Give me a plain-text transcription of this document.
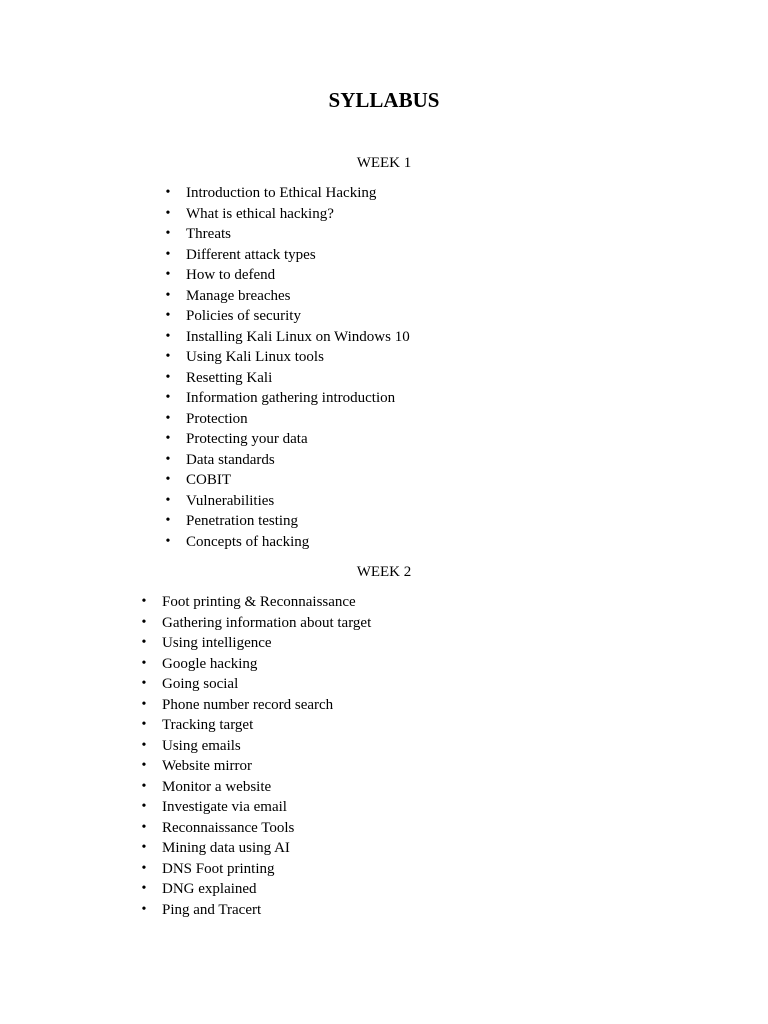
SYLLABUS
WEEK 1
• Introduction to Ethical Hacking
• What is ethical hacking?
• Threats
• Different attack types
• How to defend
• Manage breaches
• Policies of security
• Installing Kali Linux on Windows 10
• Using Kali Linux tools
• Resetting Kali
• Information gathering introduction
• Protection
• Protecting your data
• Data standards
• COBIT
• Vulnerabilities
• Penetration testing
• Concepts of hacking
WEEK 2
• Foot printing & Reconnaissance
• Gathering information about target
• Using intelligence
• Google hacking
• Going social
• Phone number record search
• Tracking target
• Using emails
• Website mirror
• Monitor a website
• Investigate via email
• Reconnaissance Tools
• Mining data using AI
• DNS Foot printing
• DNG explained
• Ping and Tracert
